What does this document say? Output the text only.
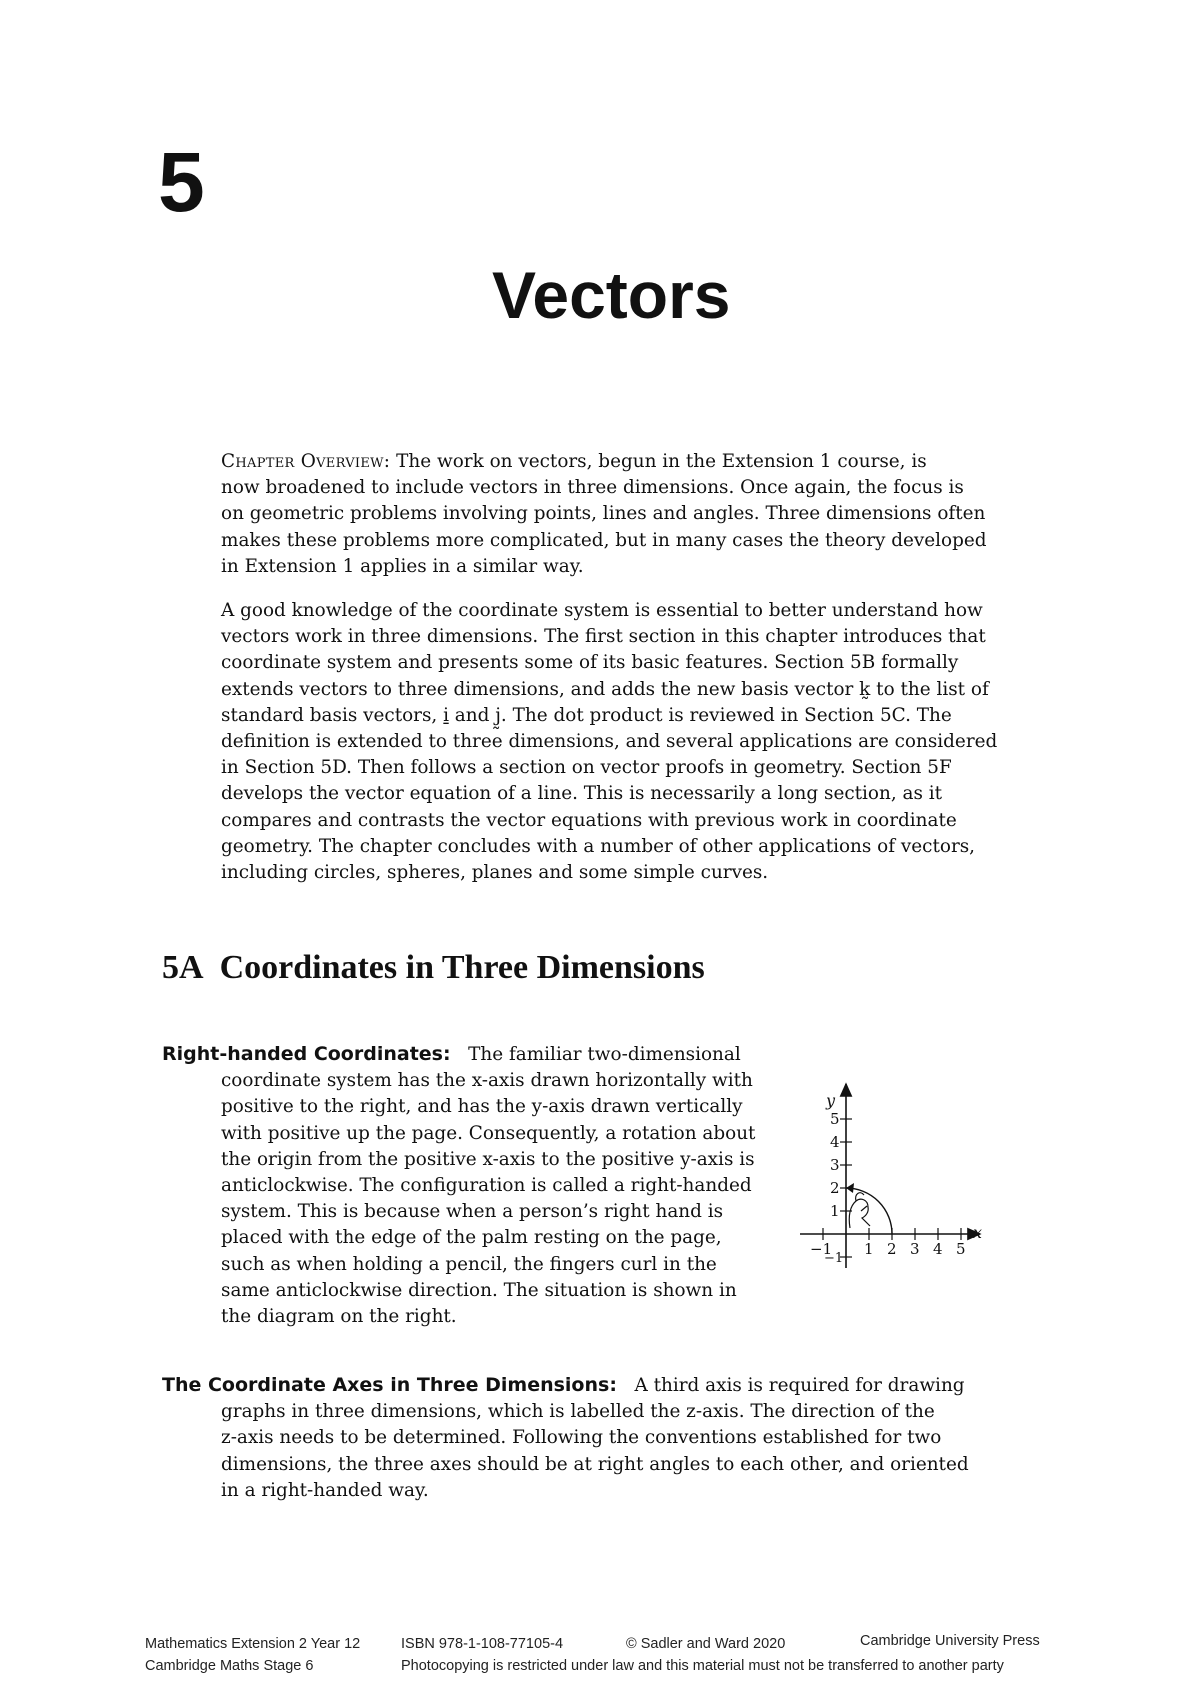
5
Vectors
Chapter Overview: The work on vectors, begun in the Extension 1 course, is
now broadened to include vectors in three dimensions. Once again, the focus is
on geometric problems involving points, lines and angles. Three dimensions often
makes these problems more complicated, but in many cases the theory developed
in Extension 1 applies in a similar way.
A good knowledge of the coordinate system is essential to better understand how
vectors work in three dimensions. The first section in this chapter introduces that
coordinate system and presents some of its basic features. Section 5B formally
extends vectors to three dimensions, and adds the new basis vector k̰ to the list of
standard basis vectors, i̱ and j̰. The dot product is reviewed in Section 5C. The
definition is extended to three dimensions, and several applications are considered
in Section 5D. Then follows a section on vector proofs in geometry. Section 5F
develops the vector equation of a line. This is necessarily a long section, as it
compares and contrasts the vector equations with previous work in coordinate
geometry. The chapter concludes with a number of other applications of vectors,
including circles, spheres, planes and some simple curves.
5A Coordinates in Three Dimensions
Right-handed Coordinates: The familiar two-dimensional
coordinate system has the x-axis drawn horizontally with
positive to the right, and has the y-axis drawn vertically
with positive up the page. Consequently, a rotation about
the origin from the positive x-axis to the positive y-axis is
anticlockwise. The configuration is called a right-handed
system. This is because when a person’s right hand is
placed with the edge of the palm resting on the page,
such as when holding a pencil, the fingers curl in the
same anticlockwise direction. The situation is shown in
the diagram on the right.
x
y
−1 1 2 3 4 5
−1
1
2
3
4
5
The Coordinate Axes in Three Dimensions: A third axis is required for drawing
graphs in three dimensions, which is labelled the z-axis. The direction of the
z-axis needs to be determined. Following the conventions established for two
dimensions, the three axes should be at right angles to each other, and oriented
in a right-handed way.
Mathematics Extension 2 Year 12	ISBN 978-1-108-77105-4	© Sadler and Ward 2020	Cambridge University Press
Cambridge Maths Stage 6	Photocopying is restricted under law and this material must not be transferred to another party
